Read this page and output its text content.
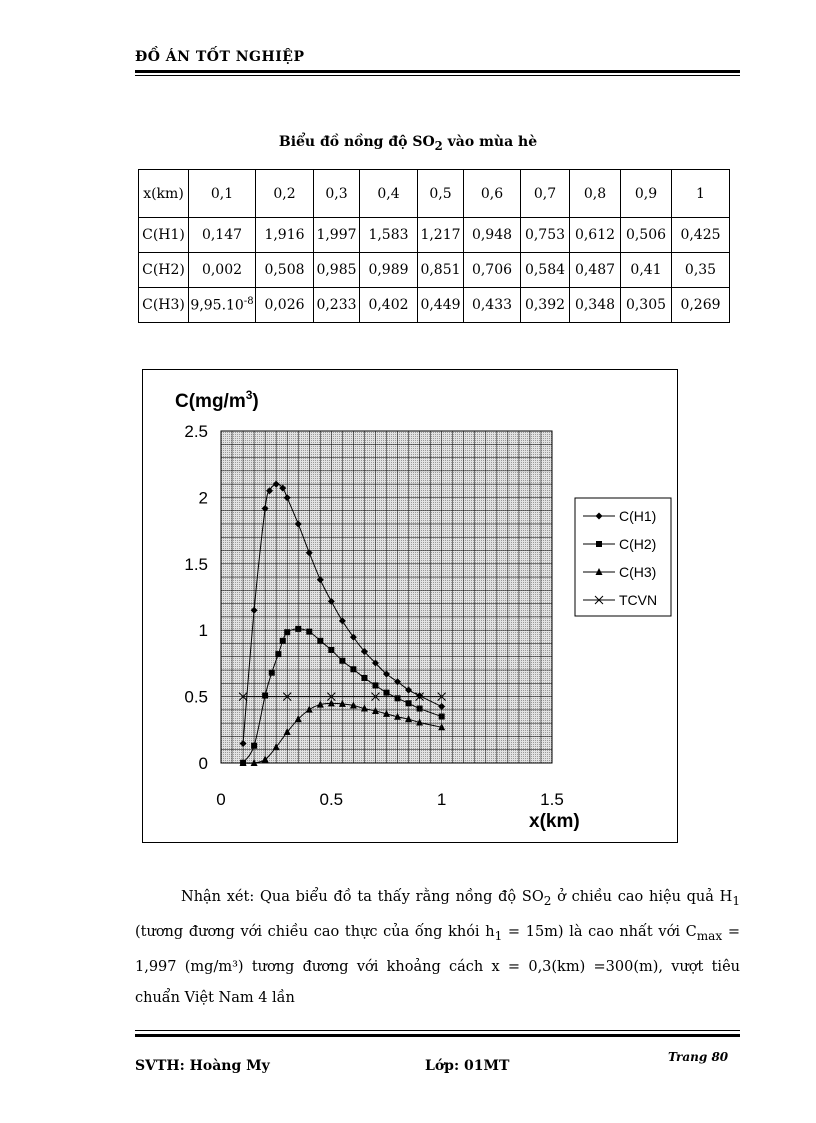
ĐỒ ÁN TỐT NGHIỆP
Biểu đồ nồng độ $SO_2$ vào mùa hè
x(km)	0,1	0,2	0,3	0,4	0,5	0,6	0,7	0,8	0,9	1
C(H1)	0,147	1,916	1,997	1,583	1,217	0,948	0,753	0,612	0,506	0,425
C(H2)	0,002	0,508	0,985	0,989	0,851	0,706	0,584	0,487	0,41	0,35
C(H3)	$9,95.10^{-8}$	0,026	0,233	0,402	0,449	0,433	0,392	0,348	0,305	0,269
2.5
2
1.5
1
0.5
0
0	0.5	1	1.5
C(H1)
C(H2)
C(H3)
TCVN
$C(mg/m^3)$
x(km)

Nhận xét: Qua biểu đồ ta thấy rằng nồng độ $SO_2$ ở chiều cao hiệu quả $H_1$ (tương đương với chiều cao thực của ống khói $h_1 = 15m$) là cao nhất với $C_{max} = 1,997$ (mg/m³) tương đương với khoảng cách x = 0,3(km) =300(m), vượt tiêu chuẩn Việt Nam 4 lần

SVTH: Hoàng My	Lớp: 01MT
Trang 80
